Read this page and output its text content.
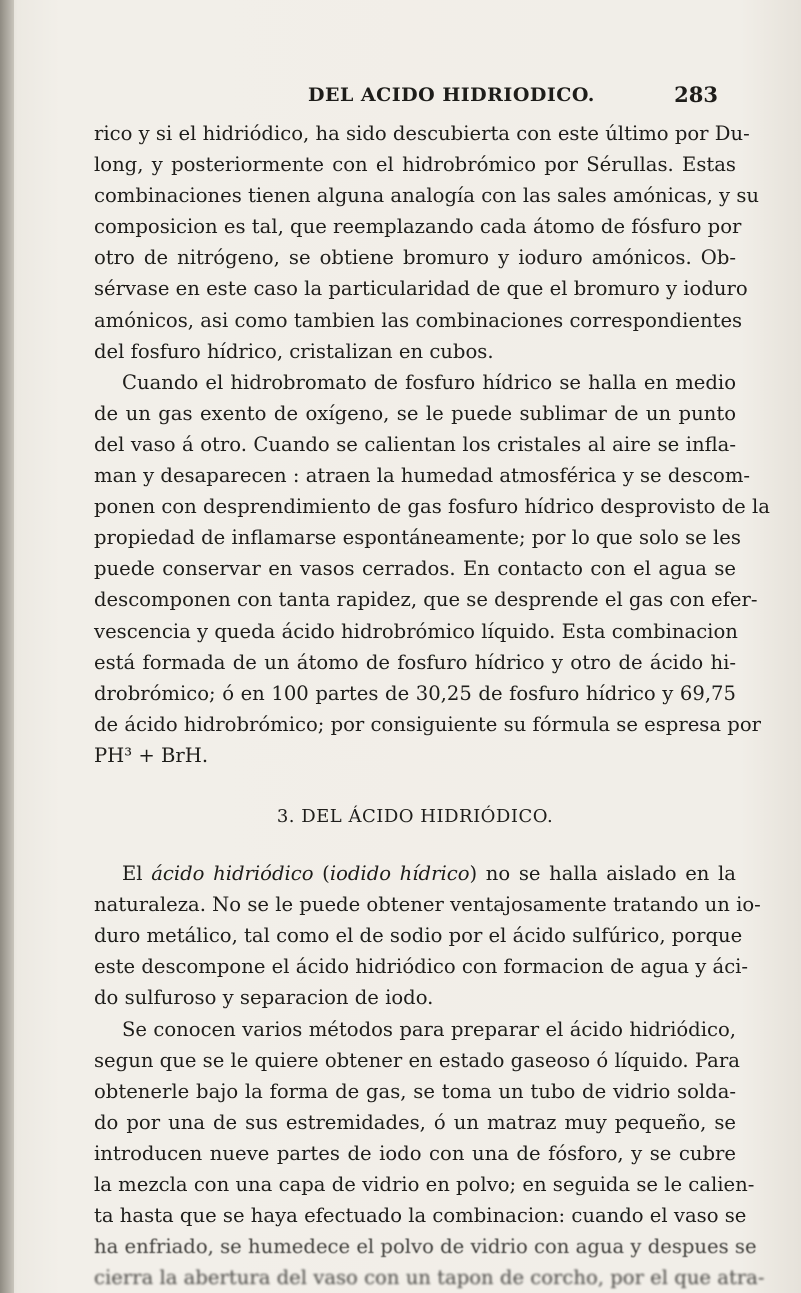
DEL ACIDO HIDRIODICO.	283
rico y si el hidriódico, ha sido descubierta con este último por Du-
long, y posteriormente con el hidrobrómico por Sérullas. Estas
combinaciones tienen alguna analogía con las sales amónicas, y su
composicion es tal, que reemplazando cada átomo de fósfuro por
otro de nitrógeno, se obtiene bromuro y ioduro amónicos. Ob-
sérvase en este caso la particularidad de que el bromuro y ioduro
amónicos, asi como tambien las combinaciones correspondientes
del fosfuro hídrico, cristalizan en cubos.
Cuando el hidrobromato de fosfuro hídrico se halla en medio
de un gas exento de oxígeno, se le puede sublimar de un punto
del vaso á otro. Cuando se calientan los cristales al aire se infla-
man y desaparecen : atraen la humedad atmosférica y se descom-
ponen con desprendimiento de gas fosfuro hídrico desprovisto de la
propiedad de inflamarse espontáneamente; por lo que solo se les
puede conservar en vasos cerrados. En contacto con el agua se
descomponen con tanta rapidez, que se desprende el gas con efer-
vescencia y queda ácido hidrobrómico líquido. Esta combinacion
está formada de un átomo de fosfuro hídrico y otro de ácido hi-
drobrómico; ó en 100 partes de 30,25 de fosfuro hídrico y 69,75
de ácido hidrobrómico; por consiguiente su fórmula se espresa por
PH³ + BrH.
3. DEL ÁCIDO HIDRIÓDICO.
El ácido hidriódico (iodido hídrico) no se halla aislado en la
naturaleza. No se le puede obtener ventajosamente tratando un io-
duro metálico, tal como el de sodio por el ácido sulfúrico, porque
este descompone el ácido hidriódico con formacion de agua y áci-
do sulfuroso y separacion de iodo.
Se conocen varios métodos para preparar el ácido hidriódico,
segun que se le quiere obtener en estado gaseoso ó líquido. Para
obtenerle bajo la forma de gas, se toma un tubo de vidrio solda-
do por una de sus estremidades, ó un matraz muy pequeño, se
introducen nueve partes de iodo con una de fósforo, y se cubre
la mezcla con una capa de vidrio en polvo; en seguida se le calien-
ta hasta que se haya efectuado la combinacion: cuando el vaso se
ha enfriado, se humedece el polvo de vidrio con agua y despues se
cierra la abertura del vaso con un tapon de corcho, por el que atra-
